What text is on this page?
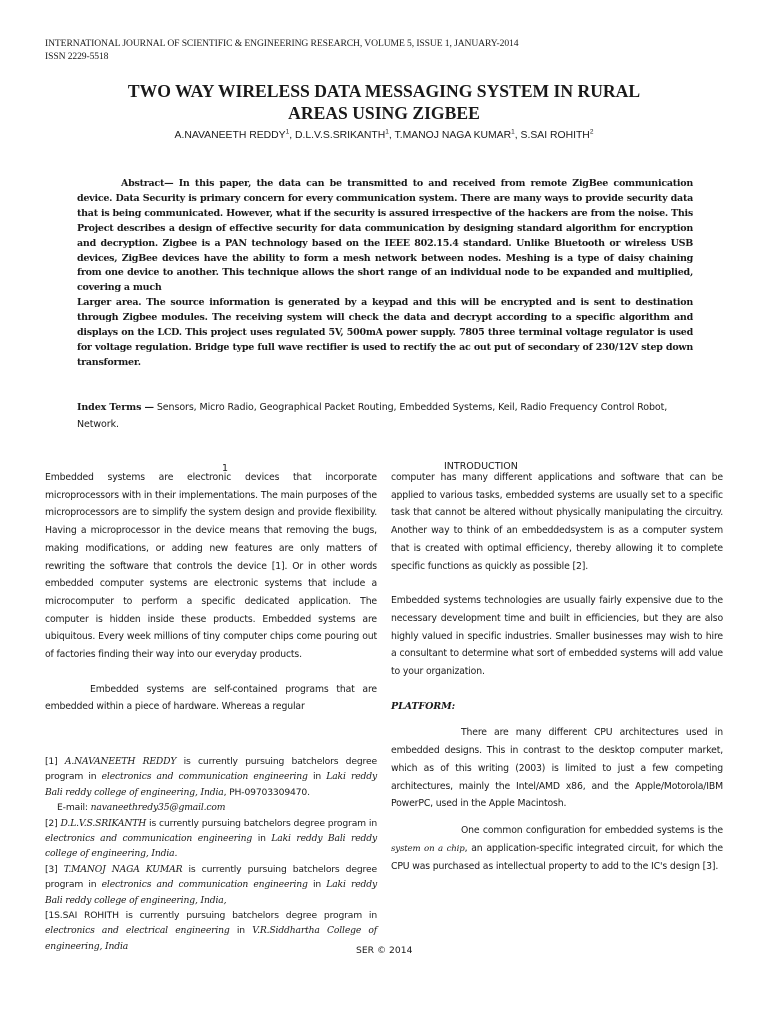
INTERNATIONAL JOURNAL OF SCIENTIFIC & ENGINEERING RESEARCH, VOLUME 5, ISSUE 1, JANUARY-2014
ISSN 2229-5518
TWO WAY WIRELESS DATA MESSAGING SYSTEM IN RURAL
AREAS USING ZIGBEE
A.NAVANEETH REDDY$^1$, D.L.V.S.SRIKANTH$^1$, T.MANOJ NAGA KUMAR$^1$, S.SAI ROHITH$^2$

Abstract— In this paper, the data can be transmitted to and received from remote ZigBee communication device. Data Security is primary concern for every communication system. There are many ways to provide security data that is being communicated. However, what if the security is assured irrespective of the hackers are from the noise. This Project describes a design of effective security for data communication by designing standard algorithm for encryption and decryption. Zigbee is a PAN technology based on the IEEE 802.15.4 standard. Unlike Bluetooth or wireless USB devices, ZigBee devices have the ability to form a mesh network between nodes. Meshing is a type of daisy chaining from one device to another. This technique allows the short range of an individual node to be expanded and multiplied, covering a much

Larger area. The source information is generated by a keypad and this will be encrypted and is sent to destination through Zigbee modules. The receiving system will check the data and decrypt according to a specific algorithm and displays on the LCD. This project uses regulated 5V, 500mA power supply. 7805 three terminal voltage regulator is used for voltage regulation. Bridge type full wave rectifier is used to rectify the ac out put of secondary of 230/12V step down transformer.

Index Terms — Sensors, Micro Radio, Geographical Packet Routing, Embedded Systems, Keil, Radio Frequency Control Robot, Network.
1	INTRODUCTION

Embedded systems are electronic devices that incorporate microprocessors with in their implementations. The main purposes of the microprocessors are to simplify the system design and provide flexibility. Having a microprocessor in the device means that removing the bugs, making modifications, or adding new features are only matters of rewriting the software that controls the device [1]. Or in other words embedded computer systems are electronic systems that include a microcomputer to perform a specific dedicated application. The computer is hidden inside these products. Embedded systems are ubiquitous. Every week millions of tiny computer chips come pouring out of factories finding their way into our everyday products.

Embedded systems are self-contained programs that are embedded within a piece of hardware. Whereas a regular

[1] A.NAVANEETH REDDY is currently pursuing batchelors degree program in electronics and communication engineering in Laki reddy Bali reddy college of engineering, India, PH-09703309470.

E-mail: navaneethredy35@gmail.com

[2] D.L.V.S.SRIKANTH is currently pursuing batchelors degree program in electronics and communication engineering in Laki reddy Bali reddy college of engineering, India.

[3] T.MANOJ NAGA KUMAR is currently pursuing batchelors degree program in electronics and communication engineering in Laki reddy Bali reddy college of engineering, India,

[1S.SAI ROHITH is currently pursuing batchelors degree program in electronics and electrical engineering in V.R.Siddhartha College of engineering, India	SER © 2014

computer has many different applications and software that can be applied to various tasks, embedded systems are usually set to a specific task that cannot be altered without physically manipulating the circuitry. Another way to think of an embeddedsystem is as a computer system that is created with optimal efficiency, thereby allowing it to complete specific functions as quickly as possible [2].

Embedded systems technologies are usually fairly expensive due to the necessary development time and built in efficiencies, but they are also highly valued in specific industries. Smaller businesses may wish to hire a consultant to determine what sort of embedded systems will add value to your organization.

PLATFORM:

There are many different CPU architectures used in embedded designs. This in contrast to the desktop computer market, which as of this writing (2003) is limited to just a few competing architectures, mainly the Intel/AMD x86, and the Apple/Motorola/IBM PowerPC, used in the Apple Macintosh.

One common configuration for embedded systems is the system on a chip, an application-specific integrated circuit, for which the CPU was purchased as intellectual property to add to the IC's design [3].
